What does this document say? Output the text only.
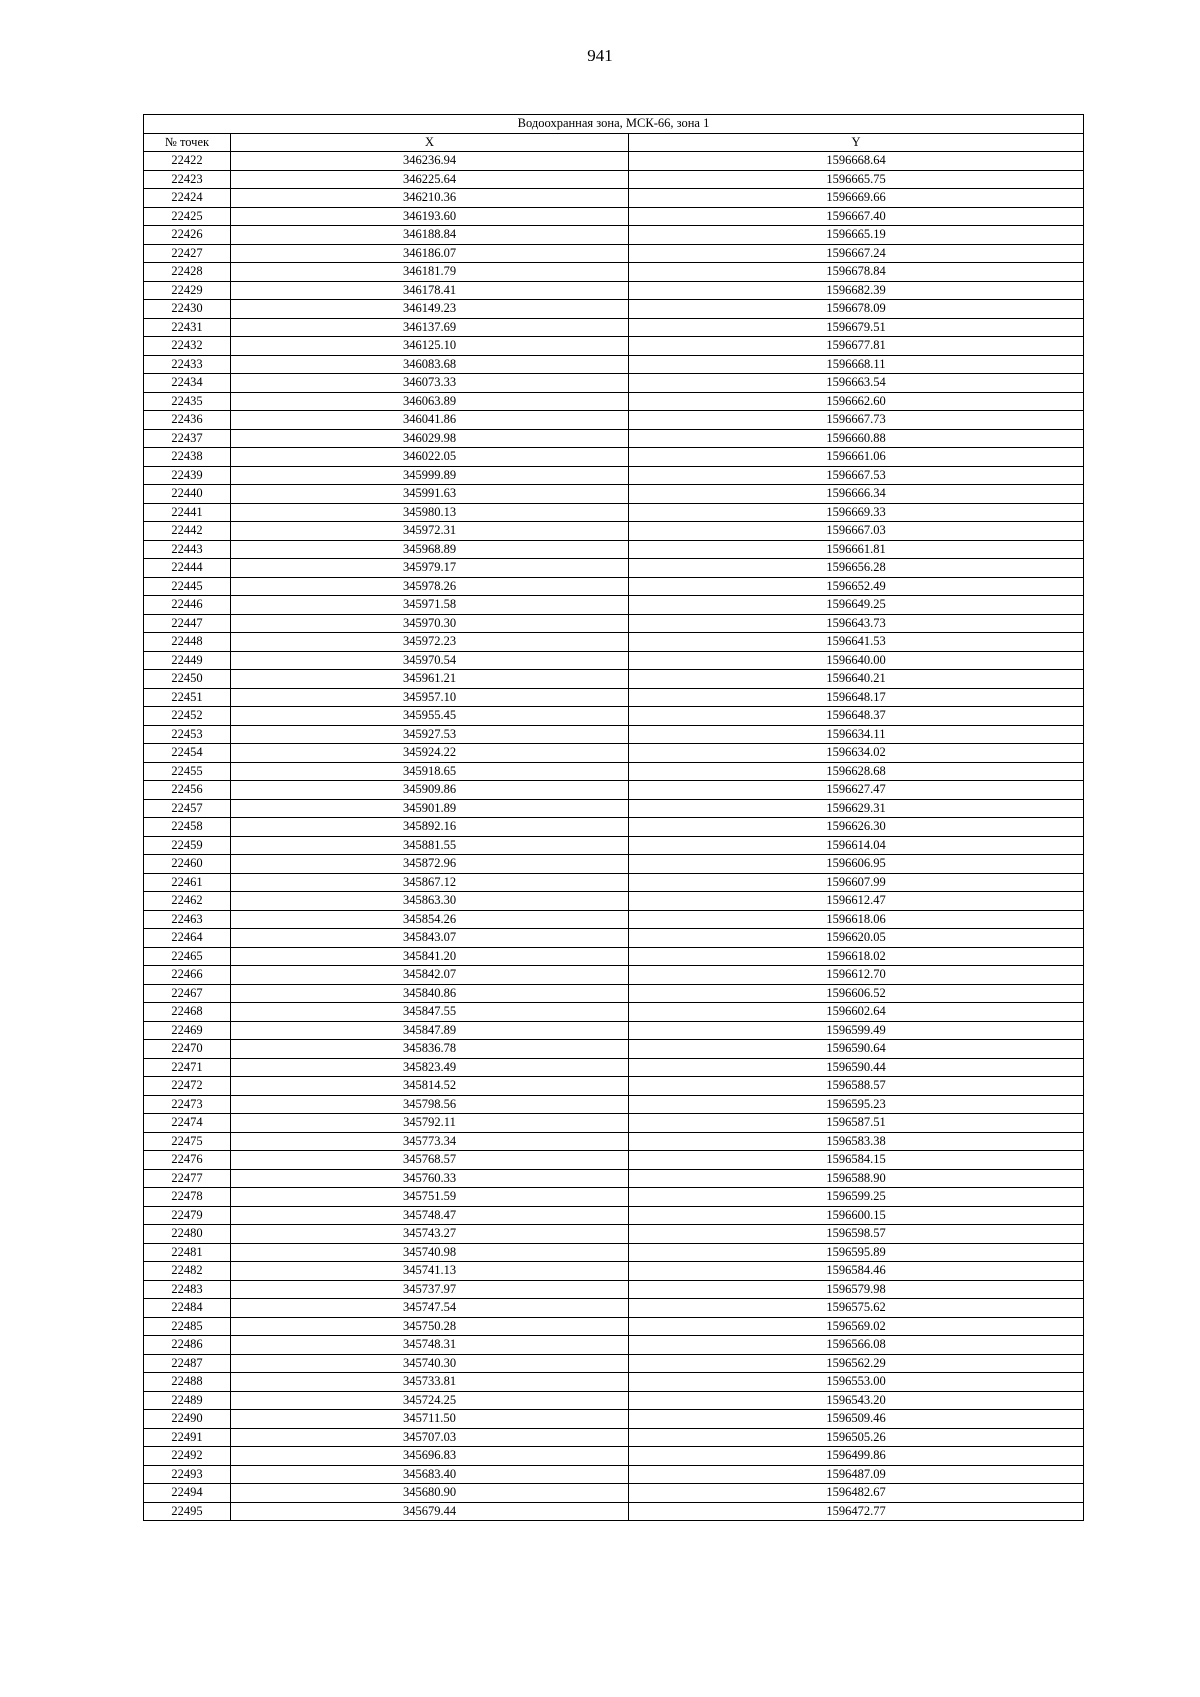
941
Водоохранная зона, МСК-66, зона 1		
№ точек	X	Y
22422	346236.94	1596668.64
22423	346225.64	1596665.75
22424	346210.36	1596669.66
22425	346193.60	1596667.40
22426	346188.84	1596665.19
22427	346186.07	1596667.24
22428	346181.79	1596678.84
22429	346178.41	1596682.39
22430	346149.23	1596678.09
22431	346137.69	1596679.51
22432	346125.10	1596677.81
22433	346083.68	1596668.11
22434	346073.33	1596663.54
22435	346063.89	1596662.60
22436	346041.86	1596667.73
22437	346029.98	1596660.88
22438	346022.05	1596661.06
22439	345999.89	1596667.53
22440	345991.63	1596666.34
22441	345980.13	1596669.33
22442	345972.31	1596667.03
22443	345968.89	1596661.81
22444	345979.17	1596656.28
22445	345978.26	1596652.49
22446	345971.58	1596649.25
22447	345970.30	1596643.73
22448	345972.23	1596641.53
22449	345970.54	1596640.00
22450	345961.21	1596640.21
22451	345957.10	1596648.17
22452	345955.45	1596648.37
22453	345927.53	1596634.11
22454	345924.22	1596634.02
22455	345918.65	1596628.68
22456	345909.86	1596627.47
22457	345901.89	1596629.31
22458	345892.16	1596626.30
22459	345881.55	1596614.04
22460	345872.96	1596606.95
22461	345867.12	1596607.99
22462	345863.30	1596612.47
22463	345854.26	1596618.06
22464	345843.07	1596620.05
22465	345841.20	1596618.02
22466	345842.07	1596612.70
22467	345840.86	1596606.52
22468	345847.55	1596602.64
22469	345847.89	1596599.49
22470	345836.78	1596590.64
22471	345823.49	1596590.44
22472	345814.52	1596588.57
22473	345798.56	1596595.23
22474	345792.11	1596587.51
22475	345773.34	1596583.38
22476	345768.57	1596584.15
22477	345760.33	1596588.90
22478	345751.59	1596599.25
22479	345748.47	1596600.15
22480	345743.27	1596598.57
22481	345740.98	1596595.89
22482	345741.13	1596584.46
22483	345737.97	1596579.98
22484	345747.54	1596575.62
22485	345750.28	1596569.02
22486	345748.31	1596566.08
22487	345740.30	1596562.29
22488	345733.81	1596553.00
22489	345724.25	1596543.20
22490	345711.50	1596509.46
22491	345707.03	1596505.26
22492	345696.83	1596499.86
22493	345683.40	1596487.09
22494	345680.90	1596482.67
22495	345679.44	1596472.77
